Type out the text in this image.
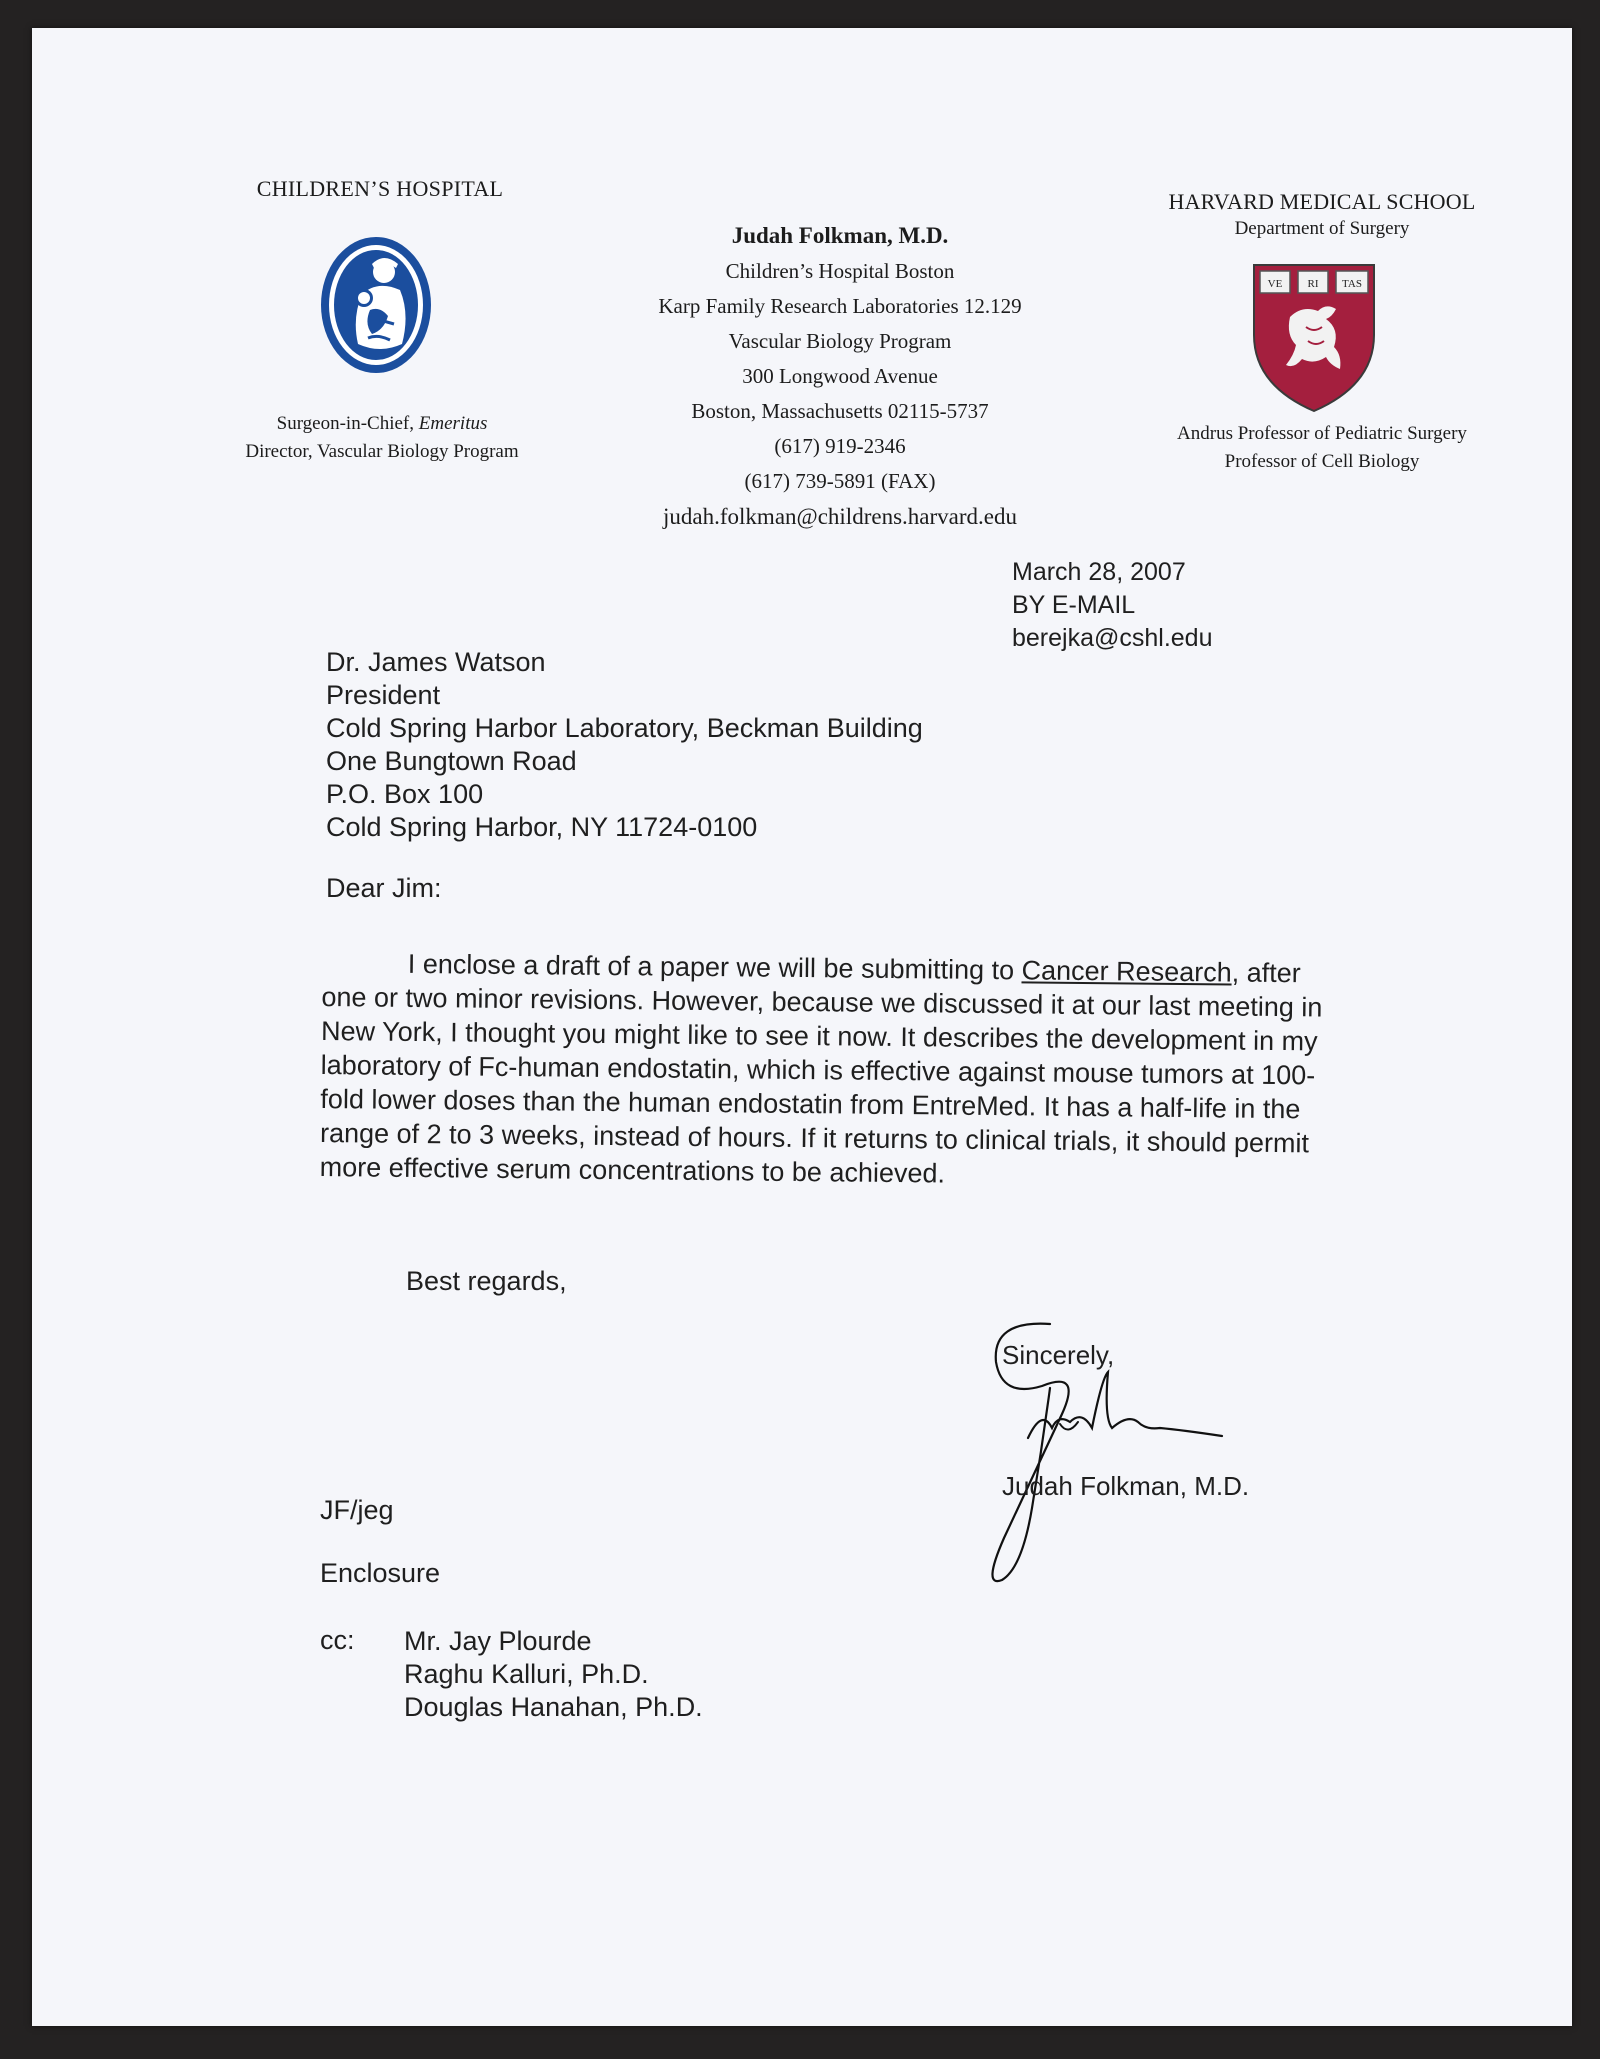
CHILDREN’S HOSPITAL
Surgeon-in-Chief, Emeritus
Director, Vascular Biology Program
Judah Folkman, M.D.
Children’s Hospital Boston
Karp Family Research Laboratories 12.129
Vascular Biology Program
300 Longwood Avenue
Boston, Massachusetts 02115-5737
(617) 919-2346
(617) 739-5891 (FAX)
judah.folkman@childrens.harvard.edu
HARVARD MEDICAL SCHOOL
Department of Surgery
VE RI TAS
Andrus Professor of Pediatric Surgery
Professor of Cell Biology
March 28, 2007
BY E-MAIL
berejka@cshl.edu
Dr. James Watson
President
Cold Spring Harbor Laboratory, Beckman Building
One Bungtown Road
P.O. Box 100
Cold Spring Harbor, NY 11724-0100
Dear Jim:
I enclose a draft of a paper we will be submitting to Cancer Research, after one or two minor revisions. However, because we discussed it at our last meeting in New York, I thought you might like to see it now. It describes the development in my laboratory of Fc-human endostatin, which is effective against mouse tumors at 100-fold lower doses than the human endostatin from EntreMed. It has a half-life in the range of 2 to 3 weeks, instead of hours. If it returns to clinical trials, it should permit more effective serum concentrations to be achieved.
Best regards,
Sincerely,
Judah Folkman, M.D.
JF/jeg
Enclosure
cc: Mr. Jay Plourde
Raghu Kalluri, Ph.D.
Douglas Hanahan, Ph.D.
